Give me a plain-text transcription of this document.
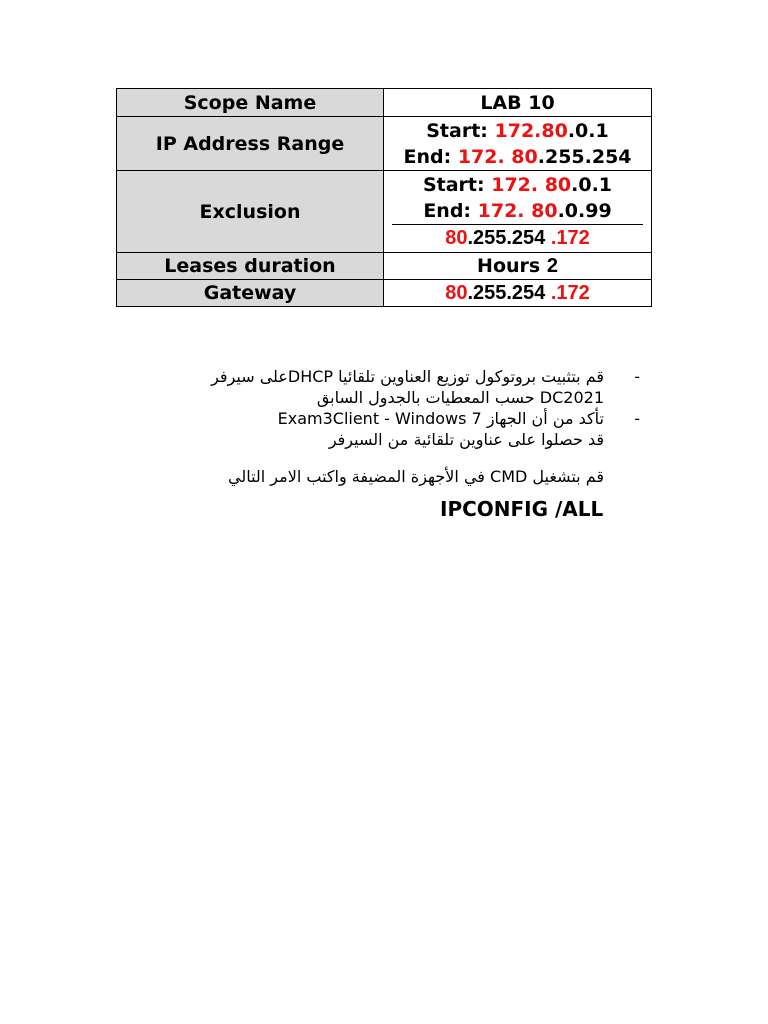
Scope Name	LAB 10
IP Address Range	Start: 172.80.0.1
End: 172. 80.255.254

Exclusion	Start: 172. 80.0.1
End: 172. 80.0.99
80.255.254 .172

Leases duration	Hours 2
Gateway	80.255.254 .172
-
قم بتثبيت بروتوكول توزيع العناوين تلقائيا DHCPعلى سيرفر
DC2021 حسب المعطيات بالجدول السابق
-
تأكد من أن الجهاز Exam3Client - Windows 7
قد حصلوا على عناوين تلقائية من السيرفر
قم بتشغيل CMD في الأجهزة المضيفة واكتب الامر التالي
IPCONFIG /ALL
